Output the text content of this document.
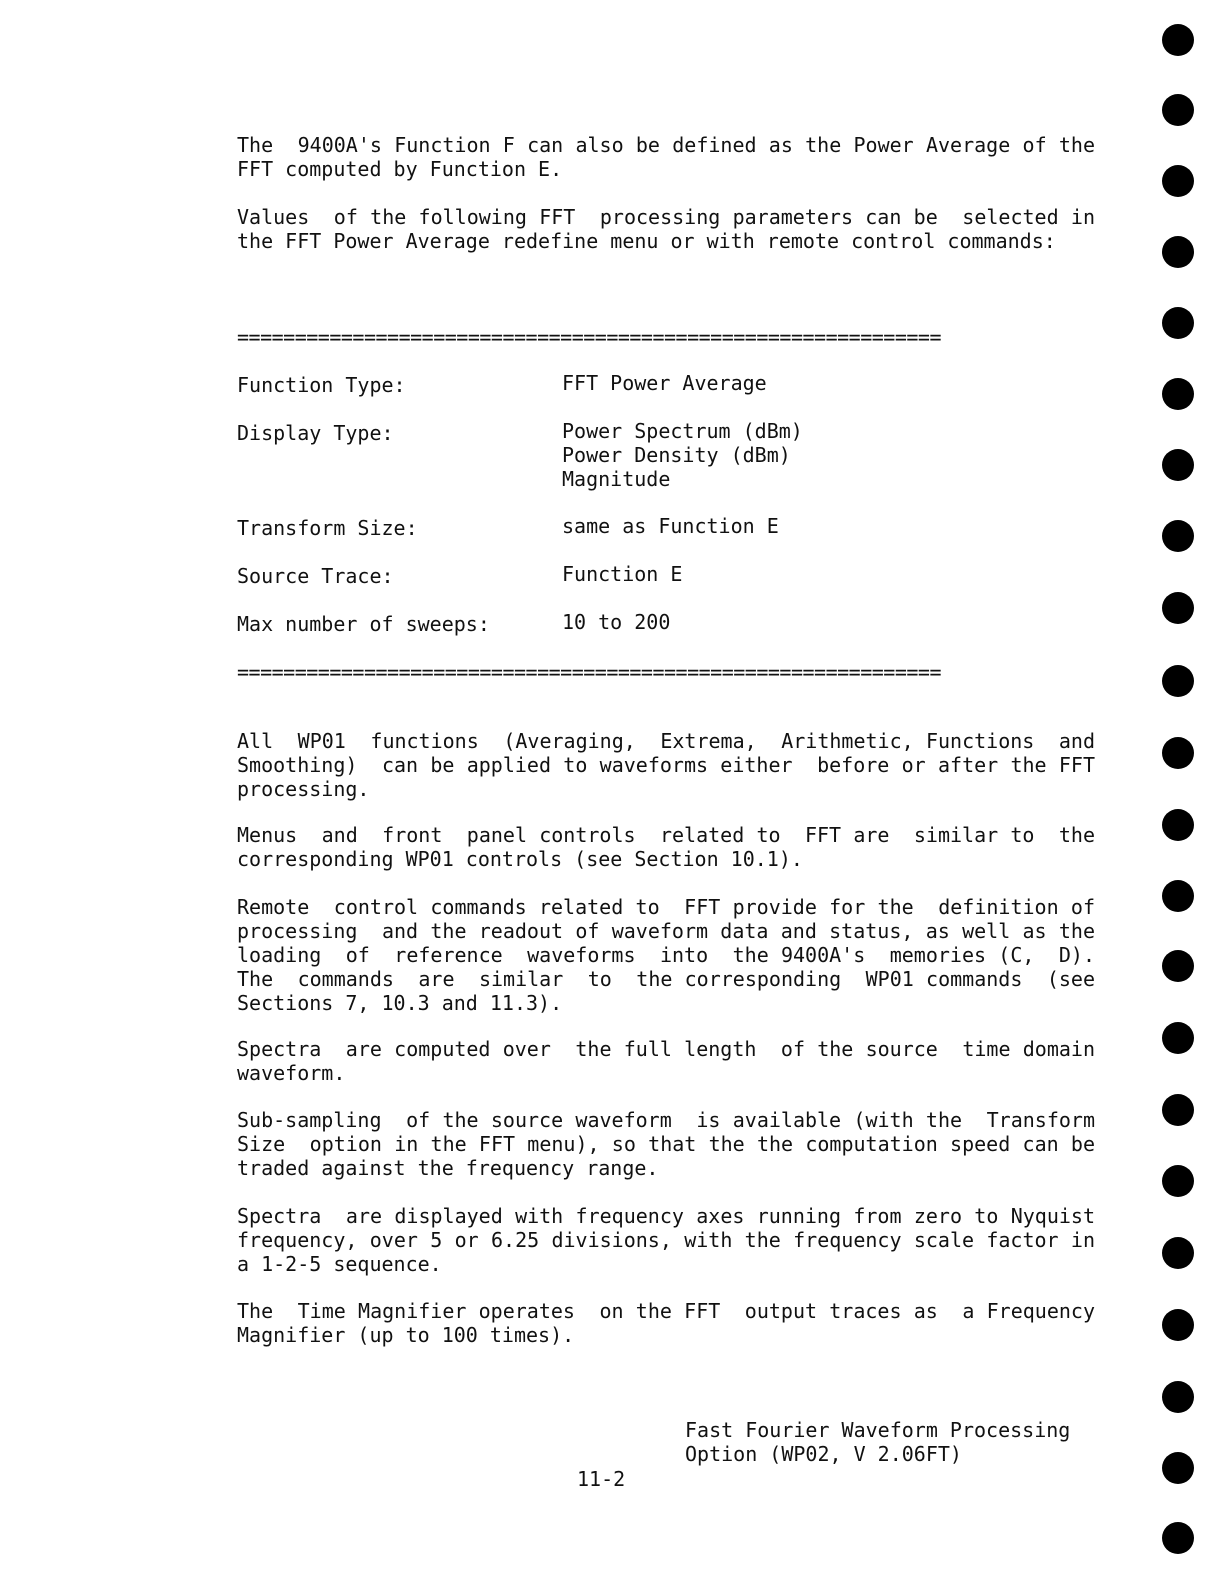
The  9400A's Function F can also be defined as the Power Average of the
FFT computed by Function E.
Values  of the following FFT  processing parameters can be  selected in
the FFT Power Average redefine menu or with remote control commands:
=============================================================
Function Type:	FFT Power Average
Display Type:	Power Spectrum (dBm)
Power Density (dBm)
Magnitude
Transform Size:	same as Function E
Source Trace:	Function E
Max number of sweeps:	10 to 200
=============================================================
All  WP01  functions  (Averaging,  Extrema,  Arithmetic, Functions  and
Smoothing)  can be applied to waveforms either  before or after the FFT
processing.
Menus  and  front  panel controls  related to  FFT are  similar to  the
corresponding WP01 controls (see Section 10.1).
Remote  control commands related to  FFT provide for the  definition of
processing  and the readout of waveform data and status, as well as the
loading  of  reference  waveforms  into  the 9400A's  memories (C,  D).
The  commands  are  similar  to  the corresponding  WP01 commands  (see
Sections 7, 10.3 and 11.3).
Spectra  are computed over  the full length  of the source  time domain
waveform.
Sub-sampling  of the source waveform  is available (with the  Transform
Size  option in the FFT menu), so that the the computation speed can be
traded against the frequency range.
Spectra  are displayed with frequency axes running from zero to Nyquist
frequency, over 5 or 6.25 divisions, with the frequency scale factor in
a 1-2-5 sequence.
The  Time Magnifier operates  on the FFT  output traces as  a Frequency
Magnifier (up to 100 times).
Fast Fourier Waveform Processing
Option (WP02, V 2.06FT)
11-2
